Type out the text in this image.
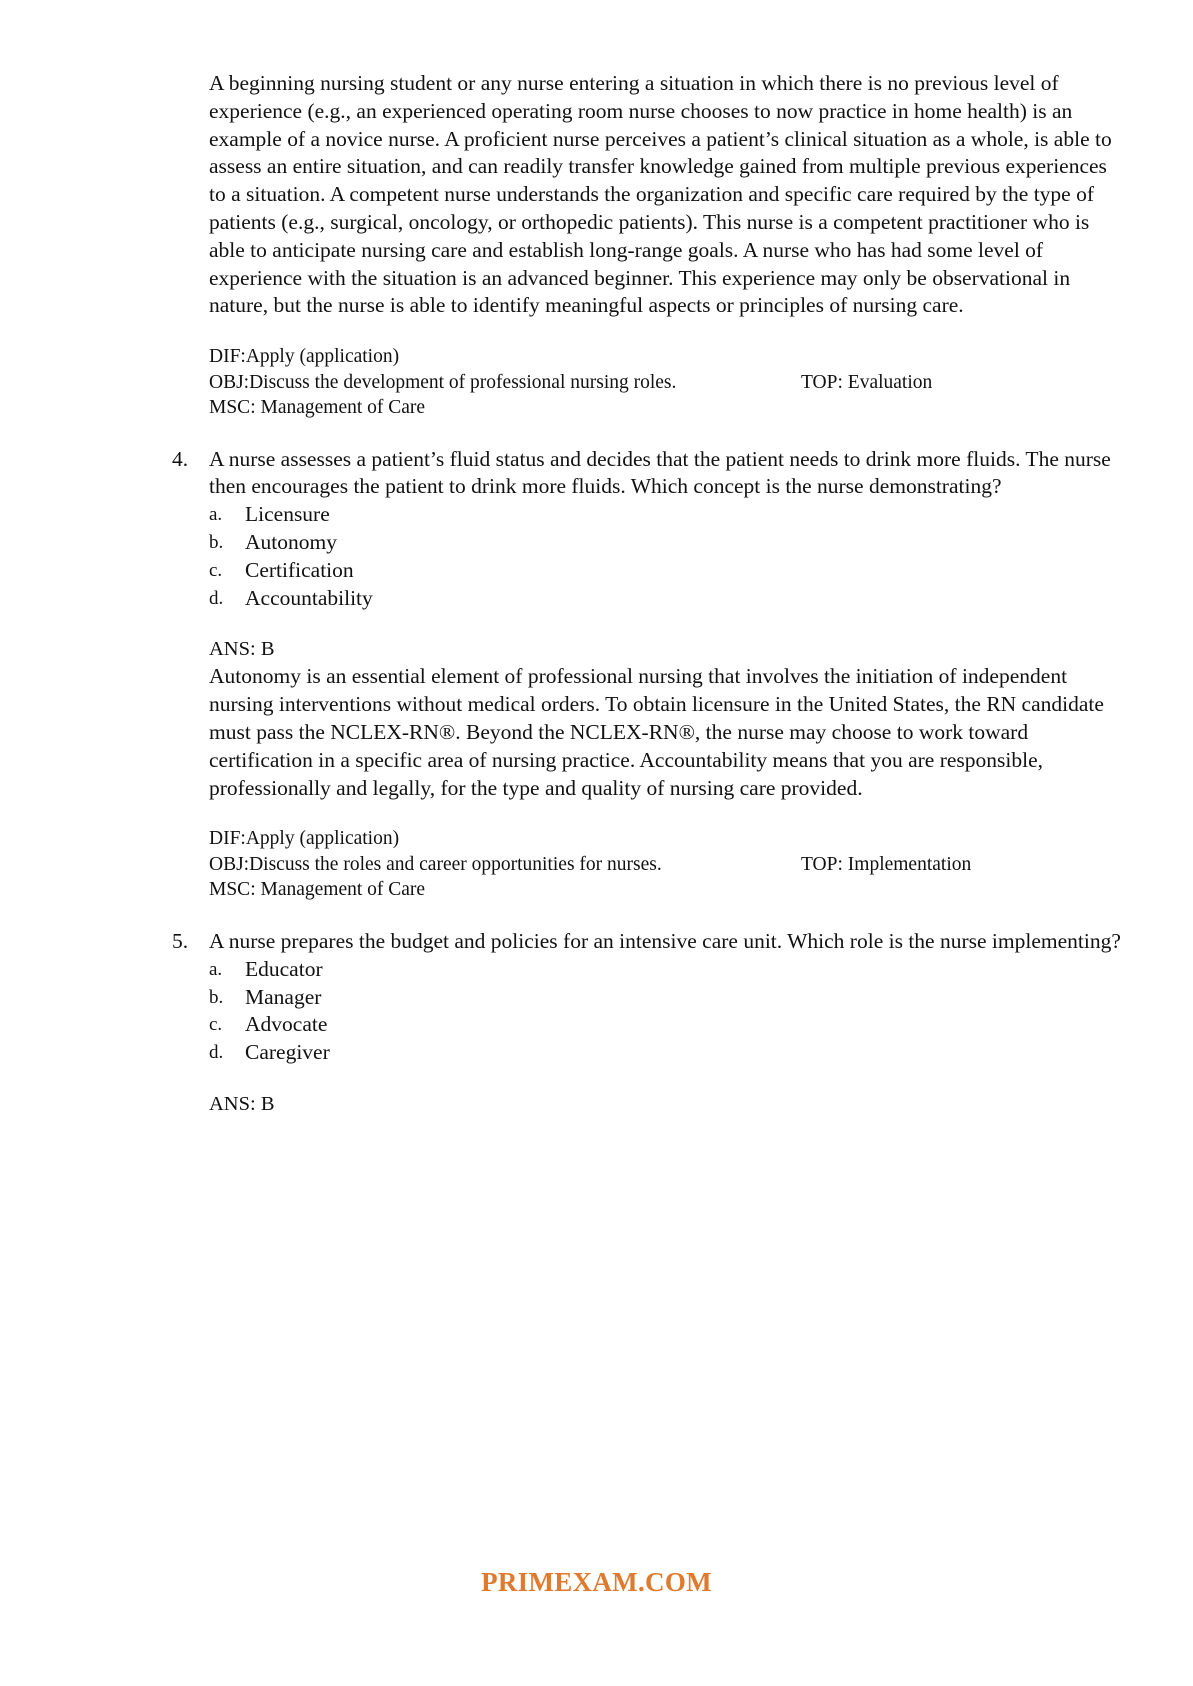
A beginning nursing student or any nurse entering a situation in which there is no previous level of experience (e.g., an experienced operating room nurse chooses to now practice in home health) is an example of a novice nurse. A proficient nurse perceives a patient’s clinical situation as a whole, is able to assess an entire situation, and can readily transfer knowledge gained from multiple previous experiences to a situation. A competent nurse understands the organization and specific care required by the type of patients (e.g., surgical, oncology, or orthopedic patients). This nurse is a competent practitioner who is able to anticipate nursing care and establish long-range goals. A nurse who has had some level of experience with the situation is an advanced beginner. This experience may only be observational in nature, but the nurse is able to identify meaningful aspects or principles of nursing care.

DIF:Apply (application)
OBJ:Discuss the development of professional nursing roles.	TOP: Evaluation
MSC: Management of Care
4. A nurse assesses a patient’s fluid status and decides that the patient needs to drink more fluids. The nurse then encourages the patient to drink more fluids. Which concept is the nurse demonstrating?
a. Licensure
b. Autonomy
c. Certification
d. Accountability
ANS: B

Autonomy is an essential element of professional nursing that involves the initiation of independent nursing interventions without medical orders. To obtain licensure in the United States, the RN candidate must pass the NCLEX-RN®. Beyond the NCLEX-RN®, the nurse may choose to work toward certification in a specific area of nursing practice. Accountability means that you are responsible, professionally and legally, for the type and quality of nursing care provided.

DIF:Apply (application)
OBJ:Discuss the roles and career opportunities for nurses.	TOP: Implementation
MSC: Management of Care
5. A nurse prepares the budget and policies for an intensive care unit. Which role is the nurse implementing?
a. Educator
b. Manager
c. Advocate
d. Caregiver
ANS: B
PRIMEXAM.COM
